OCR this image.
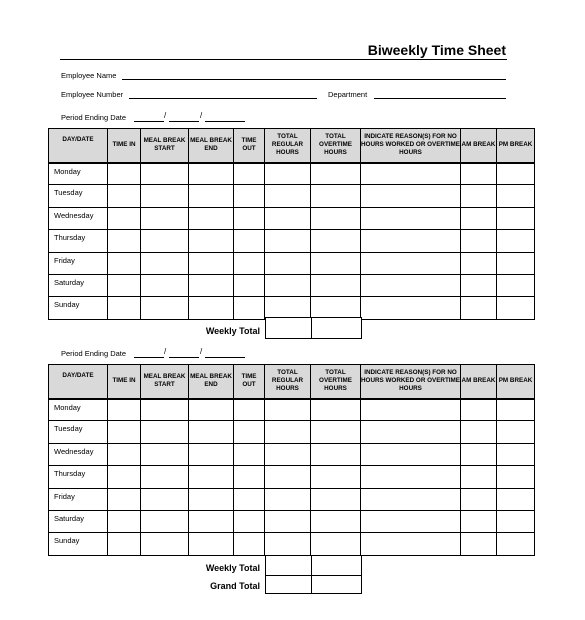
Biweekly Time Sheet
Employee Name
Employee Number	Department
Period Ending Date	/	/
DAY/DATE	TIME IN	MEAL BREAK START	MEAL BREAK END	TIME OUT	TOTAL REGULAR HOURS	TOTAL OVERTIME HOURS	INDICATE REASON(S) FOR NO HOURS WORKED OR OVERTIME HOURS	AM BREAK	PM BREAK
Monday									
Tuesday									
Wednesday									
Thursday									
Friday									
Saturday									
Sunday									
Weekly Total
Period Ending Date	/	/
DAY/DATE	TIME IN	MEAL BREAK START	MEAL BREAK END	TIME OUT	TOTAL REGULAR HOURS	TOTAL OVERTIME HOURS	INDICATE REASON(S) FOR NO HOURS WORKED OR OVERTIME HOURS	AM BREAK	PM BREAK
Monday									
Tuesday									
Wednesday									
Thursday									
Friday									
Saturday									
Sunday									
Weekly Total
Grand Total
